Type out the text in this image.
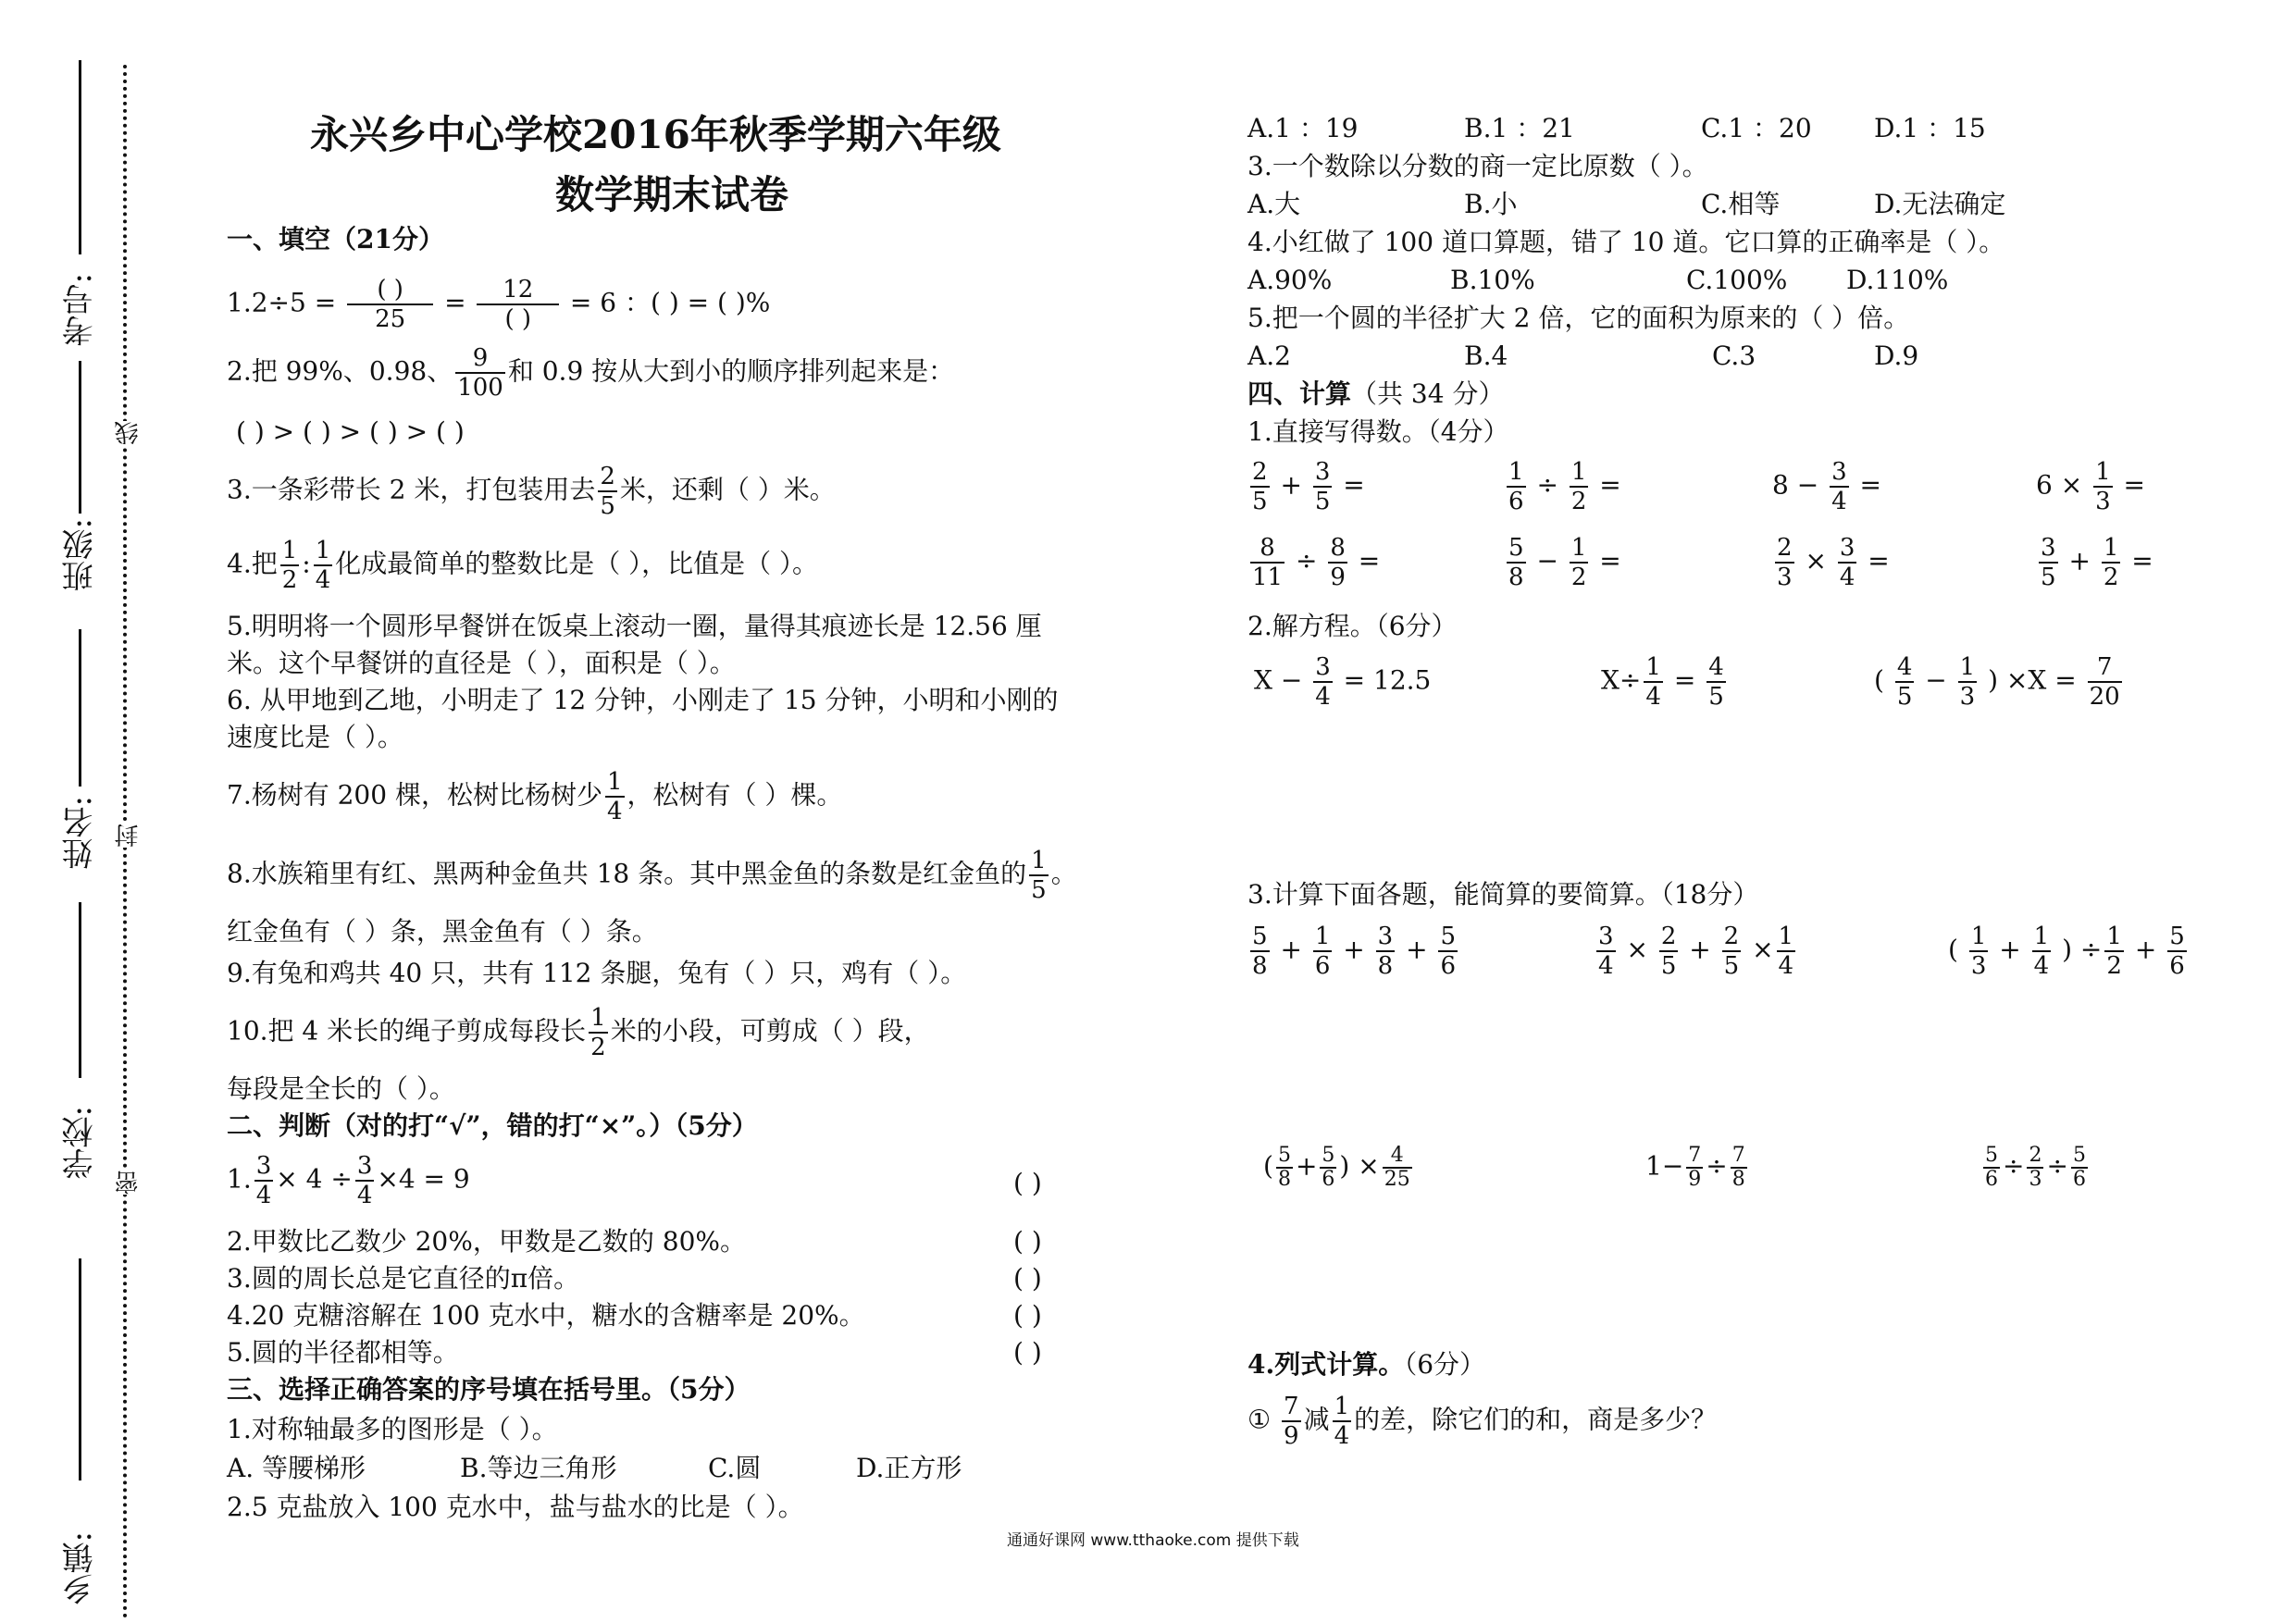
考号:
班级:
姓名:
学校:
乡镇:
线
封
密
永兴乡中心学校2016年秋季学期六年级
数学期末试卷
一、填空（21分）
$1.2\div 5 = \frac{( )}{25} = \frac{12}{( )} = 6$ ：( ) = ( )%
2.把 99%、0.98、 $\frac{9}{100}$ 和 0.9 按从大到小的顺序排列起来是：
( ) > ( ) > ( ) > ( )
3.一条彩带长 2 米，打包装用去 $\frac{2}{5}$ 米，还剩（ ）米。
4.把 $\frac{1}{2}$ : $\frac{1}{4}$ 化成最简单的整数比是（ ），比值是（ ）。
5.明明将一个圆形早餐饼在饭桌上滚动一圈，量得其痕迹长是 12.56 厘
米。这个早餐饼的直径是（ ），面积是（ ）。
6. 从甲地到乙地，小明走了 12 分钟，小刚走了 15 分钟，小明和小刚的
速度比是（ ）。
7.杨树有 200 棵，松树比杨树少 $\frac{1}{4}$ ，松树有（ ）棵。
8.水族箱里有红、黑两种金鱼共 18 条。其中黑金鱼的条数是红金鱼的 $\frac{1}{5}$ 。
红金鱼有（ ）条，黑金鱼有（ ）条。
9.有兔和鸡共 40 只，共有 112 条腿，兔有（ ）只，鸡有（ ）。
10.把 4 米长的绳子剪成每段长 $\frac{1}{2}$ 米的小段，可剪成（ ）段，
每段是全长的（ ）。
二、判断（对的打“√”，错的打“×”。）（5分）
1. $\frac{3}{4} \times 4 \div \frac{3}{4} \times 4 = 9$	( )
2.甲数比乙数少 20%，甲数是乙数的 80%。	( )
3.圆的周长总是它直径的π倍。	( )
4.20 克糖溶解在 100 克水中，糖水的含糖率是 20%。	( )
5.圆的半径都相等。	( )
三、选择正确答案的序号填在括号里。（5分）
1.对称轴最多的图形是（ ）。
A. 等腰梯形	B.等边三角形	C.圆	D.正方形
2.5 克盐放入 100 克水中，盐与盐水的比是（ ）。
A.1 ：19	B.1 ：21	C.1 ：20 D.1 ：15
3.一个数除以分数的商一定比原数（ ）。
A.大	B.小	C.相等	D.无法确定
4.小红做了 100 道口算题，错了 10 道。它口算的正确率是（ ）。
A.90%	B.10%	C.100% D.110%
5.把一个圆的半径扩大 2 倍，它的面积为原来的（ ）倍。
A.2	B.4	C.3	D.9
四、计算（共 34 分）
1.直接写得数。（4分）
$\frac{2}{5} + \frac{3}{5}$ =	$\frac{1}{6} \div \frac{1}{2}$ =	$8 - \frac{3}{4}$ =	$6 \times \frac{1}{3}$ =
$\frac{8}{11} \div \frac{8}{9}$ =	$\frac{5}{8} - \frac{1}{2}$ =	$\frac{2}{3} \times \frac{3}{4}$ =	$\frac{3}{5} + \frac{1}{2}$ =
2.解方程。（6分）
$X - \frac{3}{4} = 12.5$	$X\div \frac{1}{4} = \frac{4}{5}$	( $\frac{4}{5} - \frac{1}{3}$ ) $\times X = \frac{7}{20}$
3.计算下面各题，能简算的要简算。（18分）
$\frac{5}{8} + \frac{1}{6} + \frac{3}{8} + \frac{5}{6}$	$\frac{3}{4} \times \frac{2}{5} + \frac{2}{5} \times \frac{1}{4}$	( $\frac{1}{3} + \frac{1}{4}$ ) ÷ $\frac{1}{2} + \frac{5}{6}$
( $\frac{5}{8} + \frac{5}{6}$ ) × $\frac{4}{25}$	$1- \frac{7}{9} \div \frac{7}{8}$	$\frac{5}{6} \div \frac{2}{3} \div \frac{5}{6}$
4.列式计算。（6分）
① $\frac{7}{9}$ 减 $\frac{1}{4}$ 的差，除它们的和，商是多少？
通通好课网 www.tthaoke.com 提供下载
